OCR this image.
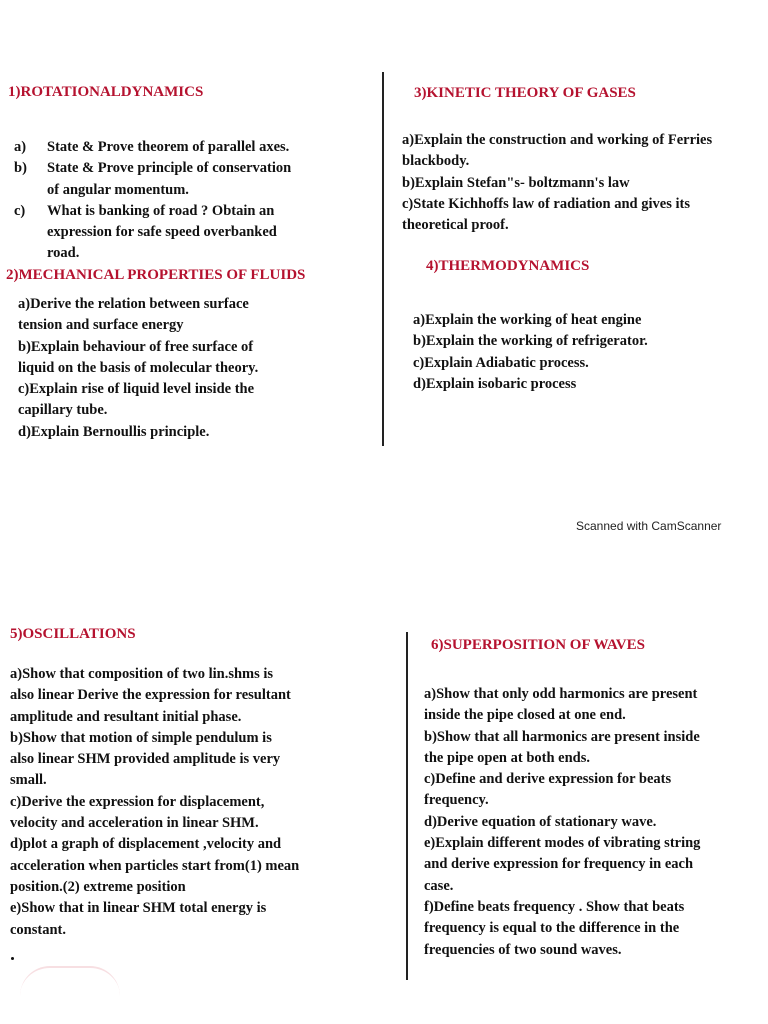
1)ROTATIONALDYNAMICS
a) State & Prove theorem of parallel axes.
b) State & Prove principle of conservation
of angular momentum.
c) What is banking of road ? Obtain an
expression for safe speed overbanked
road.
2)MECHANICAL PROPERTIES OF FLUIDS
a)Derive the relation between surface
tension and surface energy
b)Explain behaviour of free surface of
liquid on the basis of molecular theory.
c)Explain rise of liquid level inside the
capillary tube.
d)Explain Bernoullis principle.
3)KINETIC THEORY OF GASES
a)Explain the construction and working of Ferries
blackbody.
b)Explain Stefan"s- boltzmann's law
c)State Kichhoffs law of radiation and gives its
theoretical proof.
4)THERMODYNAMICS
a)Explain the working of heat engine
b)Explain the working of refrigerator.
c)Explain Adiabatic process.
d)Explain isobaric process
Scanned with CamScanner
5)OSCILLATIONS
a)Show that composition of two lin.shms is
also linear Derive the expression for resultant
amplitude and resultant initial phase.
b)Show that motion of simple pendulum is
also linear SHM provided amplitude is very
small.
c)Derive the expression for displacement,
velocity and acceleration in linear SHM.
d)plot a graph of displacement ,velocity and
acceleration when particles start from(1) mean
position.(2) extreme position
e)Show that in linear SHM total energy is
constant.
6)SUPERPOSITION OF WAVES
a)Show that only odd harmonics are present
inside the pipe closed at one end.
b)Show that all harmonics are present inside
the pipe open at both ends.
c)Define and derive expression for beats
frequency.
d)Derive equation of stationary wave.
e)Explain different modes of vibrating string
and derive expression for frequency in each
case.
f)Define beats frequency . Show that beats
frequency is equal to the difference in the
frequencies of two sound waves.
